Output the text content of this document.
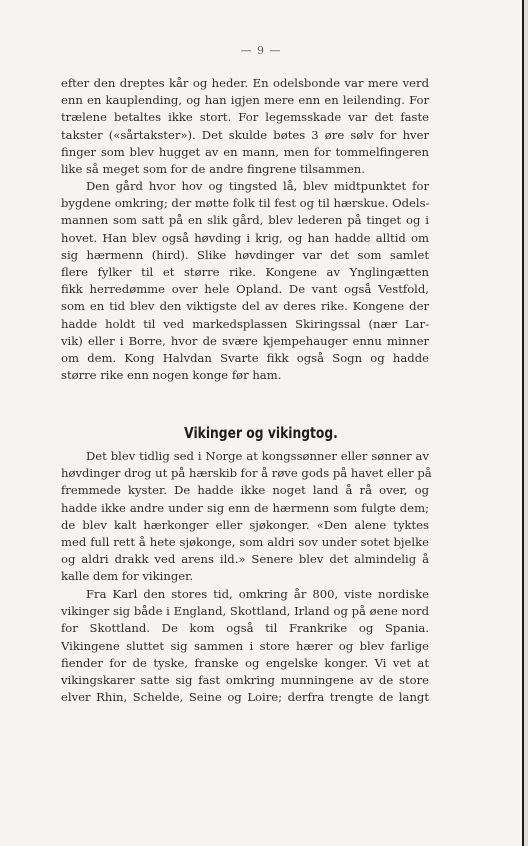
— 9 —
efter den dreptes kår og heder. En odelsbonde var mere verd
enn en kauplending, og han igjen mere enn en leilending. For
trælene betaltes ikke stort. For legemsskade var det faste
takster («sårtakster»). Det skulde bøtes 3 øre sølv for hver
finger som blev hugget av en mann, men for tommelfingeren
like så meget som for de andre fingrene tilsammen.
Den gård hvor hov og tingsted lå, blev midtpunktet for
bygdene omkring; der møtte folk til fest og til hærskue. Odels-
mannen som satt på en slik gård, blev lederen på tinget og i
hovet. Han blev også høvding i krig, og han hadde alltid om
sig hærmenn (hird). Slike høvdinger var det som samlet
flere fylker til et større rike. Kongene av Ynglingætten
fikk herredømme over hele Opland. De vant også Vestfold,
som en tid blev den viktigste del av deres rike. Kongene der
hadde holdt til ved markedsplassen Skiringssal (nær Lar-
vik) eller i Borre, hvor de svære kjempehauger ennu minner
om dem. Kong Halvdan Svarte fikk også Sogn og hadde
større rike enn nogen konge før ham.
Vikinger og vikingtog.
Det blev tidlig sed i Norge at kongssønner eller sønner av
høvdinger drog ut på hærskib for å røve gods på havet eller på
fremmede kyster. De hadde ikke noget land å rå over, og
hadde ikke andre under sig enn de hærmenn som fulgte dem;
de blev kalt hærkonger eller sjøkonger. «Den alene tyktes
med full rett å hete sjøkonge, som aldri sov under sotet bjelke
og aldri drakk ved arens ild.» Senere blev det almindelig å
kalle dem for vikinger.
Fra Karl den stores tid, omkring år 800, viste nordiske
vikinger sig både i England, Skottland, Irland og på øene nord
for Skottland. De kom også til Frankrike og Spania.
Vikingene sluttet sig sammen i store hærer og blev farlige
fiender for de tyske, franske og engelske konger. Vi vet at
vikingskarer satte sig fast omkring munningene av de store
elver Rhin, Schelde, Seine og Loire; derfra trengte de langt
